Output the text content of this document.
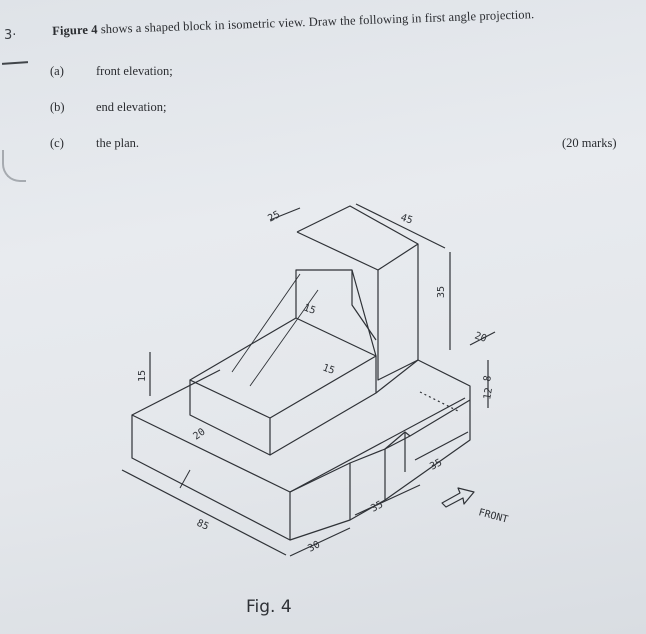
3·	Figure 4 shows a shaped block in isometric view. Draw the following in first angle projection.
(a)	front elevation;
(b)	end elevation;
(c)	the plan.	(20 marks)
25	45
35
15
15
20
8
12
15
20
85
30
35
35
FRONT
Fig. 4
